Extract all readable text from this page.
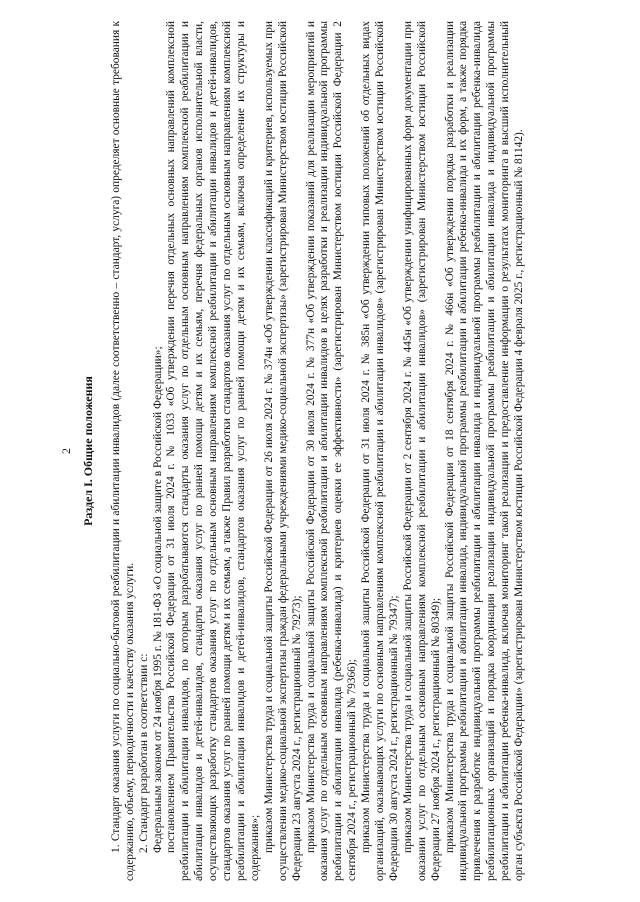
2 Раздел I. Общие положения 1. Стандарт оказания услуги по социально-бытовой реабилитации и абилитации инвалидов (далее соответственно – стандарт, услуга) определяет основные требования к содержанию, объему, периодичности и качеству оказания услуги. 2. Стандарт разработан в соответствии с: Федеральным законом от 24 ноября 1995 г. № 181-ФЗ «О социальной защите в Российской Федерации»; постановлением Правительства Российской Федерации от 31 июля 2024 г. № 1033 «Об утверждении перечня отдельных основных направлений комплексной реабилитации и абилитации инвалидов, по которым разрабатываются стандарты оказания услуг по отдельным основным направлениям комплексной реабилитации и абилитации инвалидов и детей-инвалидов, стандарты оказания услуг по ранней помощи детям и их семьям, перечня федеральных органов исполнительной власти, осуществляющих разработку стандартов оказания услуг по отдельным основным направлениям комплексной реабилитации и абилитации инвалидов и детей-инвалидов, стандартов оказания услуг по ранней помощи детям и их семьям, а также Правил разработки стандартов оказания услуг по отдельным основным направлениям комплексной реабилитации и абилитации инвалидов и детей-инвалидов, стандартов оказания услуг по ранней помощи детям и их семьям, включая определение их структуры и содержания»; приказом Министерства труда и социальной защиты Российской Федерации от 26 июля 2024 г. № 374н «Об утверждении классификаций и критериев, используемых при осуществлении медико-социальной экспертизы граждан федеральными учреждениями медико-социальной экспертизы» (зарегистрирован Министерством юстиции Российской Федерации 23 августа 2024 г., регистрационный № 79273); приказом Министерства труда и социальной защиты Российской Федерации от 30 июля 2024 г. № 377н «Об утверждении показаний для реализации мероприятий и оказания услуг по отдельным основным направлениям комплексной реабилитации и абилитации инвалидов в целях разработки и реализации индивидуальной программы реабилитации и абилитации инвалида (ребенка-инвалида) и критериев оценки ее эффективности» (зарегистрирован Министерством юстиции Российской Федерации 2 сентября 2024 г., регистрационный № 79366); приказом Министерства труда и социальной защиты Российской Федерации от 31 июля 2024 г. № 385н «Об утверждении типовых положений об отдельных видах организаций, оказывающих услуги по основным направлениям комплексной реабилитации и абилитации инвалидов» (зарегистрирован Министерством юстиции Российской Федерации 30 августа 2024 г., регистрационный № 79347); приказом Министерства труда и социальной защиты Российской Федерации от 2 сентября 2024 г. № 445н «Об утверждении унифицированных форм документации при оказании услуг по отдельным основным направлениям комплексной реабилитации и абилитации инвалидов» (зарегистрирован Министерством юстиции Российской Федерации 27 ноября 2024 г., регистрационный № 80349); приказом Министерства труда и социальной защиты Российской Федерации от 18 сентября 2024 г. № 466н «Об утверждении порядка разработки и реализации индивидуальной программы реабилитации и абилитации инвалида, индивидуальной программы реабилитации и абилитации ребенка-инвалида и их форм, а также порядка привлечения к разработке индивидуальной программы реабилитации и абилитации инвалида и индивидуальной программы реабилитации и абилитации ребенка-инвалида реабилитационных организаций и порядка координации реализации индивидуальной программы реабилитации и абилитации инвалида и индивидуальной программы реабилитации и абилитации ребенка-инвалида, включая мониторинг такой реализации и предоставление информации о результатах мониторинга в высший исполнительный орган субъекта Российской Федерации» (зарегистрирован Министерством юстиции Российской Федерации 4 февраля 2025 г., регистрационный № 81142).
